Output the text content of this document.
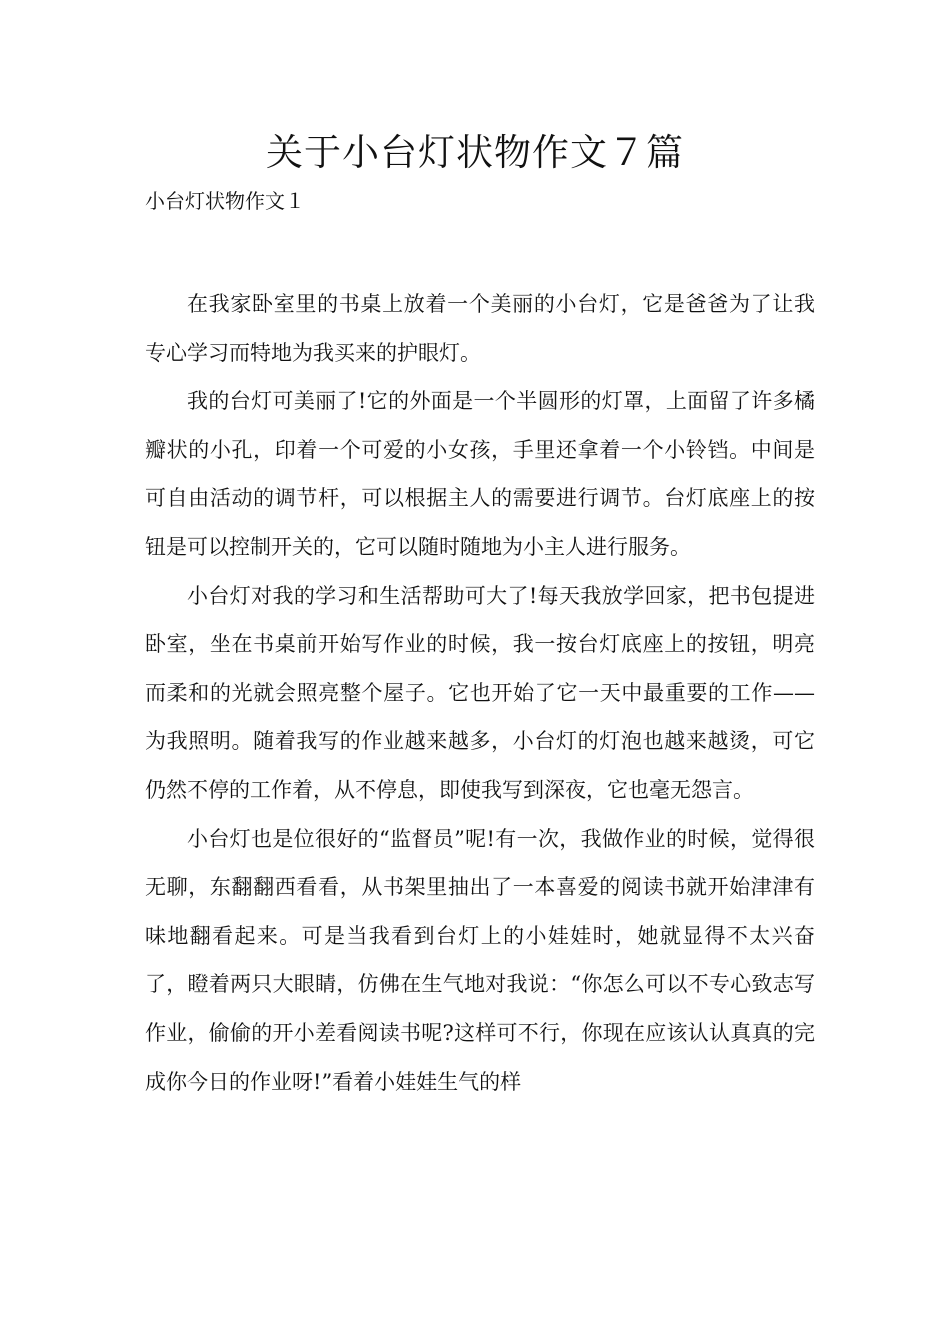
关于小台灯状物作文７篇
小台灯状物作文１

在我家卧室里的书桌上放着一个美丽的小台灯，它是爸爸为了让我专心学习而特地为我买来的护眼灯。

我的台灯可美丽了!它的外面是一个半圆形的灯罩，上面留了许多橘瓣状的小孔，印着一个可爱的小女孩，手里还拿着一个小铃铛。中间是可自由活动的调节杆，可以根据主人的需要进行调节。台灯底座上的按钮是可以控制开关的，它可以随时随地为小主人进行服务。

小台灯对我的学习和生活帮助可大了!每天我放学回家，把书包提进卧室，坐在书桌前开始写作业的时候，我一按台灯底座上的按钮，明亮而柔和的光就会照亮整个屋子。它也开始了它一天中最重要的工作——为我照明。随着我写的作业越来越多，小台灯的灯泡也越来越烫，可它仍然不停的工作着，从不停息，即使我写到深夜，它也毫无怨言。

小台灯也是位很好的“监督员”呢!有一次，我做作业的时候，觉得很无聊，东翻翻西看看，从书架里抽出了一本喜爱的阅读书就开始津津有味地翻看起来。可是当我看到台灯上的小娃娃时，她就显得不太兴奋了，瞪着两只大眼睛，仿佛在生气地对我说：“你怎么可以不专心致志写作业，偷偷的开小差看阅读书呢?这样可不行，你现在应该认认真真的完成你今日的作业呀!”看着小娃娃生气的样
